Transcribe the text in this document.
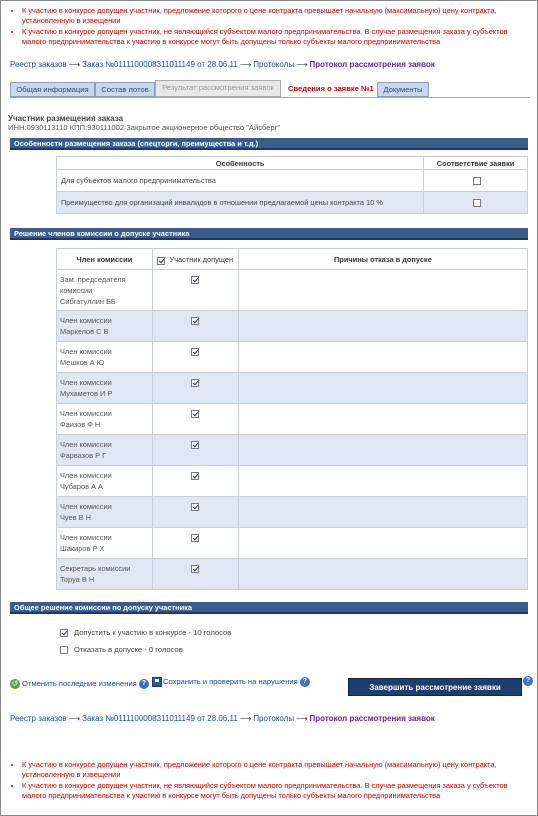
• К участию в конкурсе допущен участник, предложение которого о цене контракта превышает начальную (максимальную) цену контракта, установленную в извещении
• К участию в конкурсе допущен участник, не являющийся субъектом малого предпринимательства. В случае размещения заказа у субъектов малого предпринимательства к участию в конкурсе могут быть допущены только субъекты малого предпринимательства
Реестр заказов ⟶ Заказ №0111100008311011149 от 28.06.11 ⟶ Протоколы ⟶ Протокол рассмотрения заявок
Общая информация	Состав лотов	Результат рассмотрения заявок	Сведения о заявке №1	Документы
Участник размещения заказа
ИНН:0930113110 КПП:930111002 Закрытое акционерное общество "Айсберг"
Особенности размещения заказа (спецторги, преимущества и т.д.)
Особенность	Соответствие заявки
Для субъектов малого предпринимательства	
Преимущество для организаций инвалидов в отношении предлагаемой цены контракта 10 %	
Решение членов комиссии о допуске участника
Член комиссии	Участник допущен	Причины отказа в допуске
Зам. председателя комиссии
Сибгатуллин ББ		
Член комиссии
Маркелов С В		
Член комиссии
Мешков А Ю		
Член комиссии
Мухаметов И Р		
Член комиссии
Фаизов Ф Н		
Член комиссии
Фарвазов Р Г		
Член комиссии
Чубаров А А		
Член комиссии
Чуев В Н		
Член комиссии
Шакиров Р Х		
Секретарь комиссии
Торуа В Н		
Общее решение комиссии по допуску участника
Допустить к участию в конкурсе - 10 голосов
Отказать в допуске - 0 голосов
↺ Отменить последние изменения ?	Сохранить и проверить на нарушения ?
Завершить рассмотрение заявки
?
Реестр заказов ⟶ Заказ №0111100008311011149 от 28.06.11 ⟶ Протоколы ⟶ Протокол рассмотрения заявок
• К участию в конкурсе допущен участник, предложение которого о цене контракта превышает начальную (максимальную) цену контракта, установленную в извещении
• К участию в конкурсе допущен участник, не являющийся субъектом малого предпринимательства. В случае размещения заказа у субъектов малого предпринимательства к участию в конкурсе могут быть допущены только субъекты малого предпринимательства
